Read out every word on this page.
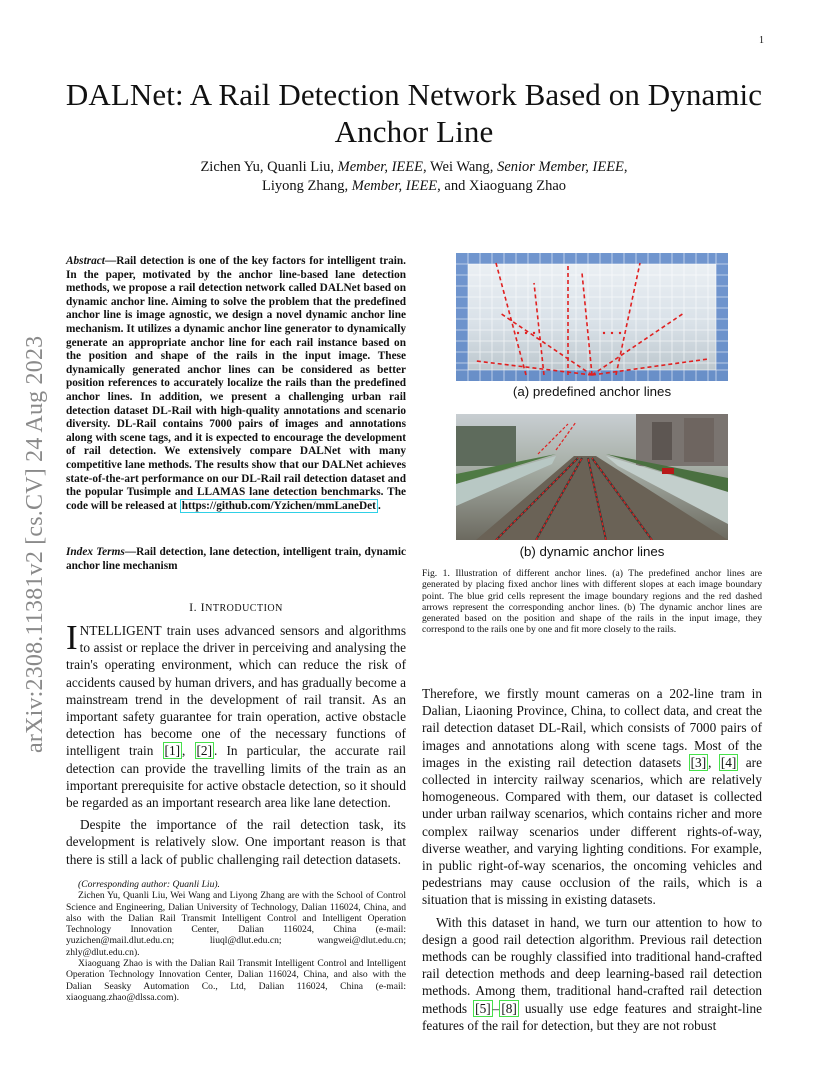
1
DALNet: A Rail Detection Network Based on Dynamic Anchor Line
Zichen Yu, Quanli Liu, Member, IEEE, Wei Wang, Senior Member, IEEE,
Liyong Zhang, Member, IEEE, and Xiaoguang Zhao
arXiv:2308.11381v2 [cs.CV] 24 Aug 2023
Abstract—Rail detection is one of the key factors for intelligent train. In the paper, motivated by the anchor line-based lane detection methods, we propose a rail detection network called DALNet based on dynamic anchor line. Aiming to solve the problem that the predefined anchor line is image agnostic, we design a novel dynamic anchor line mechanism. It utilizes a dynamic anchor line generator to dynamically generate an appropriate anchor line for each rail instance based on the position and shape of the rails in the input image. These dynamically generated anchor lines can be considered as better position references to accurately localize the rails than the predefined anchor lines. In addition, we present a challenging urban rail detection dataset DL-Rail with high-quality annotations and scenario diversity. DL-Rail contains 7000 pairs of images and annotations along with scene tags, and it is expected to encourage the development of rail detection. We extensively compare DALNet with many competitive lane methods. The results show that our DALNet achieves state-of-the-art performance on our DL-Rail rail detection dataset and the popular Tusimple and LLAMAS lane detection benchmarks. The code will be released at https://github.com/Yzichen/mmLaneDet .
Index Terms—Rail detection, lane detection, intelligent train, dynamic anchor line mechanism
I. INTRODUCTION

INTELLIGENT train uses advanced sensors and algorithms to assist or replace the driver in perceiving and analysing the train's operating environment, which can reduce the risk of accidents caused by human drivers, and has gradually become a mainstream trend in the development of rail transit. As an important safety guarantee for train operation, active obstacle detection has become one of the necessary functions of intelligent train [1] , [2] . In particular, the accurate rail detection can provide the travelling limits of the train as an important prerequisite for active obstacle detection, so it should be regarded as an important research area like lane detection.

Despite the importance of the rail detection task, its development is relatively slow. One important reason is that there is still a lack of public challenging rail detection datasets.

(Corresponding author: Quanli Liu).

Zichen Yu, Quanli Liu, Wei Wang and Liyong Zhang are with the School of Control Science and Engineering, Dalian University of Technology, Dalian 116024, China, and also with the Dalian Rail Transmit Intelligent Control and Intelligent Operation Technology Innovation Center, Dalian 116024, China (e-mail: yuzichen@mail.dlut.edu.cn; liuql@dlut.edu.cn; wangwei@dlut.edu.cn; zhly@dlut.edu.cn).

Xiaoguang Zhao is with the Dalian Rail Transmit Intelligent Control and Intelligent Operation Technology Innovation Center, Dalian 116024, China, and also with the Dalian Seasky Automation Co., Ltd, Dalian 116024, China (e-mail: xiaoguang.zhao@dlssa.com).

(a) predefined anchor lines
(b) dynamic anchor lines
Fig. 1. Illustration of different anchor lines. (a) The predefined anchor lines are generated by placing fixed anchor lines with different slopes at each image boundary point. The blue grid cells represent the image boundary regions and the red dashed arrows represent the corresponding anchor lines. (b) The dynamic anchor lines are generated based on the position and shape of the rails in the input image, they correspond to the rails one by one and fit more closely to the rails.

Therefore, we firstly mount cameras on a 202-line tram in Dalian, Liaoning Province, China, to collect data, and creat the rail detection dataset DL-Rail, which consists of 7000 pairs of images and annotations along with scene tags. Most of the images in the existing rail detection datasets [3] , [4] are collected in intercity railway scenarios, which are relatively homogeneous. Compared with them, our dataset is collected under urban railway scenarios, which contains richer and more complex railway scenarios under different rights-of-way, diverse weather, and varying lighting conditions. For example, in public right-of-way scenarios, the oncoming vehicles and pedestrians may cause occlusion of the rails, which is a situation that is missing in existing datasets.

With this dataset in hand, we turn our attention to how to design a good rail detection algorithm. Previous rail detection methods can be roughly classified into traditional hand-crafted rail detection methods and deep learning-based rail detection methods. Among them, traditional hand-crafted rail detection methods [5] – [8] usually use edge features and straight-line features of the rail for detection, but they are not robust
